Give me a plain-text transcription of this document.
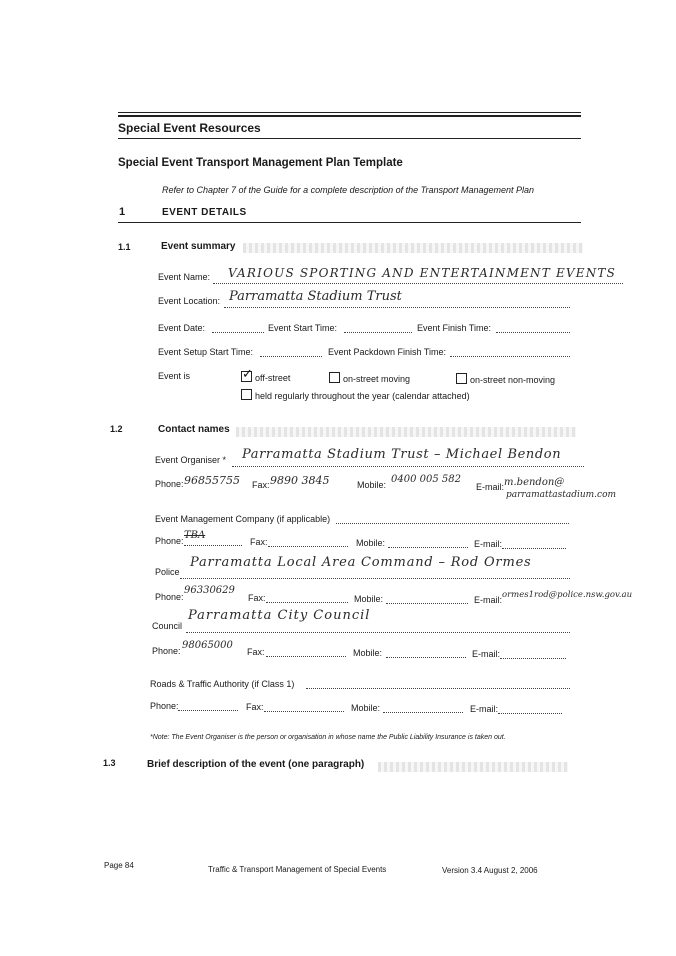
Special Event Resources
Special Event Transport Management Plan Template
Refer to Chapter 7 of the Guide for a complete description of the Transport Management Plan
1	EVENT DETAILS
1.1	Event summary
Event Name: VARIOUS SPORTING AND ENTERTAINMENT EVENTS
Event Location: Parramatta Stadium Trust
Event Date:	Event Start Time:	Event Finish Time:
Event Setup Start Time:	Event Packdown Finish Time:
Event is
✓	off-street	on-street moving	on-street non-moving
held regularly throughout the year (calendar attached)
1.2	Contact names
Event Organiser * Parramatta Stadium Trust – Michael Bendon
Phone: 96855755 Fax: 9890 3845	Mobile: 0400 005 582
E-mail: m.bendon@
parramattastadium.com
Event Management Company (if applicable)
Phone: TBA
Fax:	Mobile:	E-mail:
Police
Parramatta Local Area Command – Rod Ormes
Phone:
96330629
Fax:	Mobile:	E-mail: ormes1rod@police.nsw.gov.au
Council
Parramatta City Council
Phone: 98065000
Fax:	Mobile:	E-mail:
Roads & Traffic Authority (if Class 1)
Phone:	Fax:	Mobile:	E-mail:
*Note: The Event Organiser is the person or organisation in whose name the Public Liability Insurance is taken out.
1.3	Brief description of the event (one paragraph)
Page 84	Traffic & Transport Management of Special Events	Version 3.4 August 2, 2006
